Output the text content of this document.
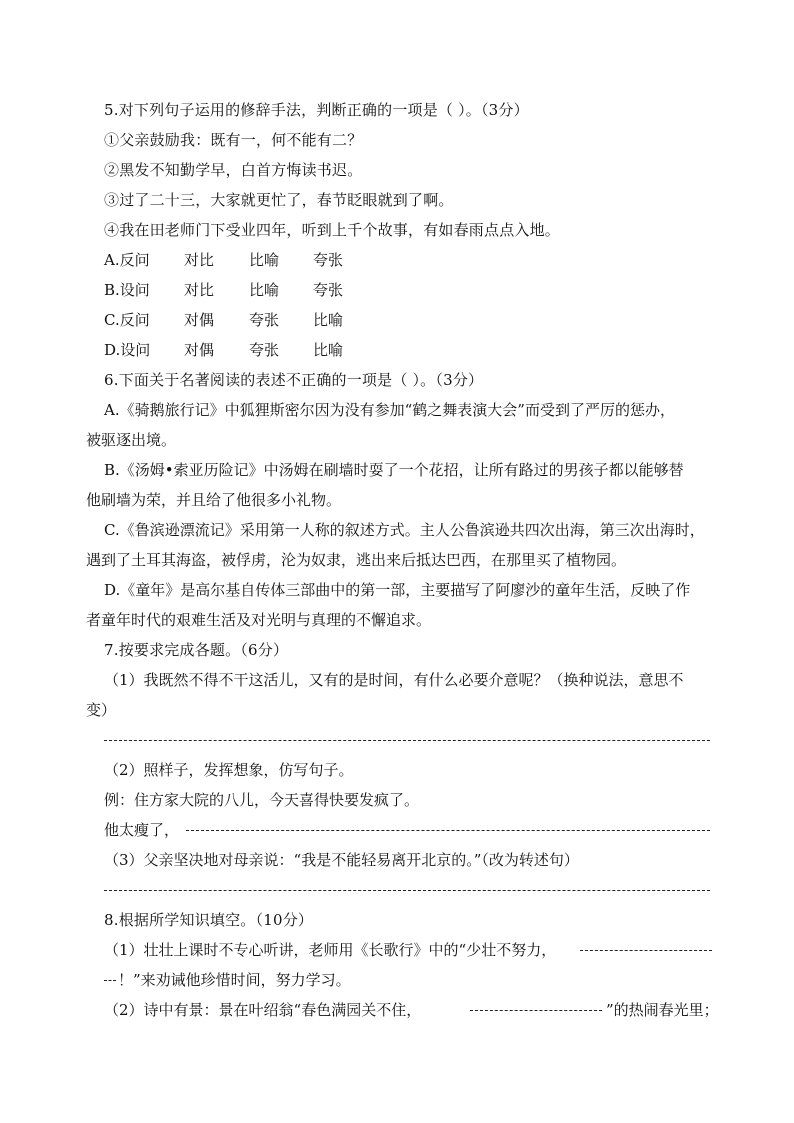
5.对下列句子运用的修辞手法，判断正确的一项是（ ）。（3分）
①父亲鼓励我：既有一，何不能有二？
②黑发不知勤学早，白首方悔读书迟。
③过了二十三，大家就更忙了，春节眨眼就到了啊。
④我在田老师门下受业四年，听到上千个故事，有如春雨点点入地。
A.反问 对比 比喻 夸张
B.设问 对比 比喻 夸张
C.反问 对偶 夸张 比喻
D.设问 对偶 夸张 比喻
6.下面关于名著阅读的表述不正确的一项是（ ）。（3分）
A.《骑鹅旅行记》中狐狸斯密尔因为没有参加“鹤之舞表演大会”而受到了严厉的惩办，
被驱逐出境。
B.《汤姆•索亚历险记》中汤姆在刷墙时耍了一个花招，让所有路过的男孩子都以能够替
他刷墙为荣，并且给了他很多小礼物。
C.《鲁滨逊漂流记》采用第一人称的叙述方式。主人公鲁滨逊共四次出海，第三次出海时，
遇到了土耳其海盗，被俘虏，沦为奴隶，逃出来后抵达巴西，在那里买了植物园。
D.《童年》是高尔基自传体三部曲中的第一部，主要描写了阿廖沙的童年生活，反映了作
者童年时代的艰难生活及对光明与真理的不懈追求。
7.按要求完成各题。（6分）
（1）我既然不得不干这活儿，又有的是时间，有什么必要介意呢？（换种说法，意思不
变）
（2）照样子，发挥想象，仿写句子。
例：住方家大院的八儿，今天喜得快要发疯了。
他太瘦了，
（3）父亲坚决地对母亲说：“我是不能轻易离开北京的。”（改为转述句）
8.根据所学知识填空。（10分）
（1）壮壮上课时不专心听讲，老师用《长歌行》中的“少壮不努力，
！”来劝诫他珍惜时间，努力学习。
（2）诗中有景：景在叶绍翁“春色满园关不住，	”的热闹春光里；
